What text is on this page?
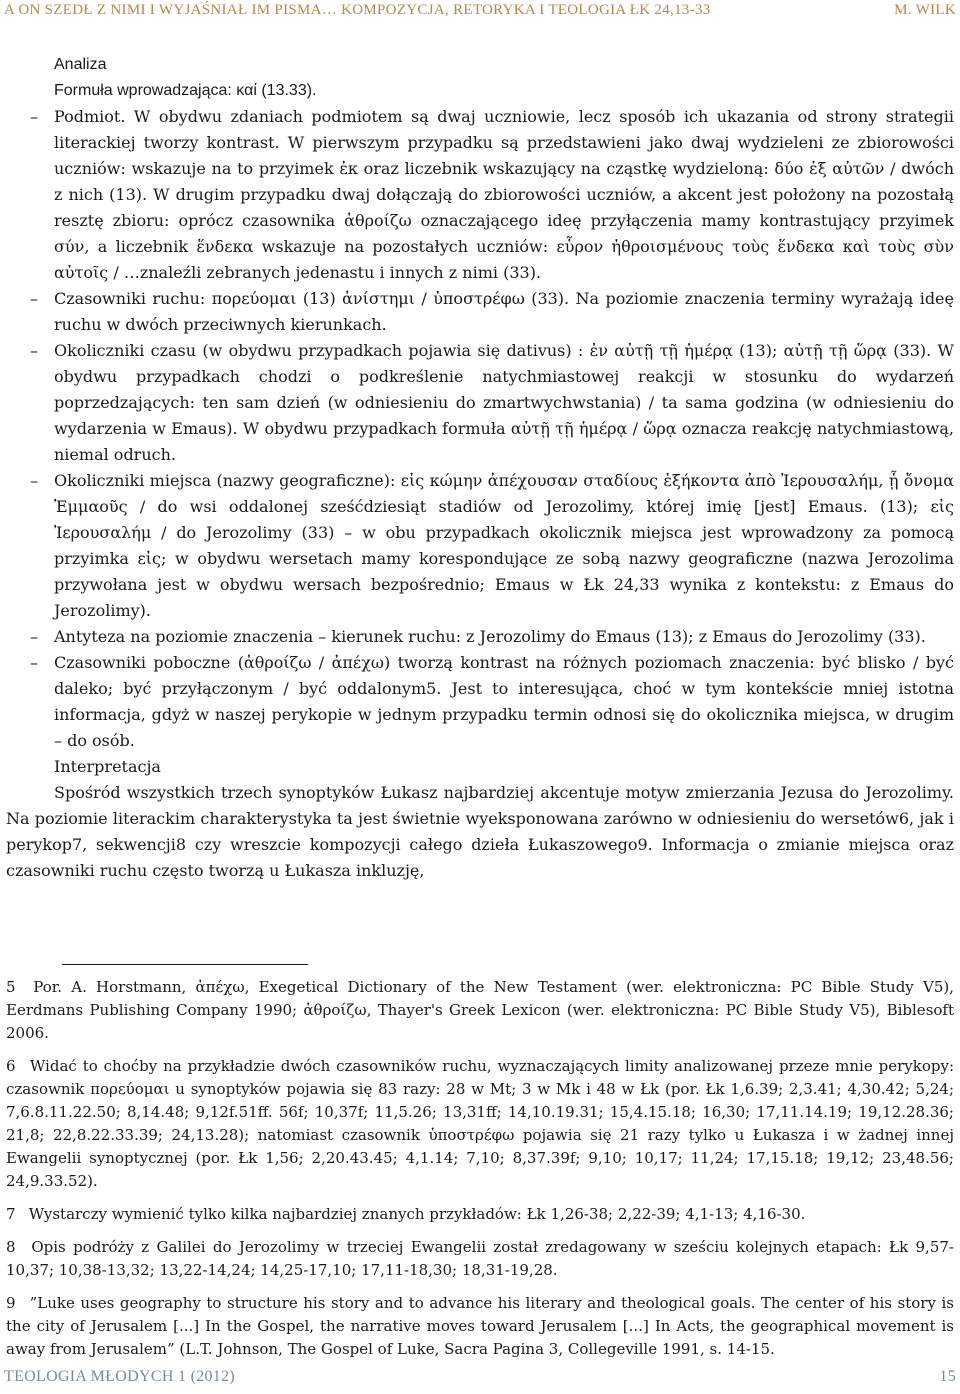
A ON SZEDŁ Z NIMI I WYJAŚNIAŁ IM PISMA… KOMPOZYCJA, RETORYKA I TEOLOGIA ŁK 24,13-33	M. WILK

Analiza

Formuła wprowadzająca: καί (13.33).

–	Podmiot. W obydwu zdaniach podmiotem są dwaj uczniowie, lecz sposób ich ukazania od strony strategii literackiej tworzy kontrast. W pierwszym przypadku są przedstawieni jako dwaj wydzieleni ze zbiorowości uczniów: wskazuje na to przyimek ἐκ oraz liczebnik wskazujący na cząstkę wydzieloną: δύο ἐξ αὐτῶν / dwóch z nich (13). W drugim przypadku dwaj dołączają do zbiorowości uczniów, a akcent jest położony na pozostałą resztę zbioru: oprócz czasownika ἀθροίζω oznaczającego ideę przyłączenia mamy kontrastujący przyimek σύν, a liczebnik ἕνδεκα wskazuje na pozostałych uczniów: εὗρον ἠθροισμένους τοὺς ἕνδεκα καὶ τοὺς σὺν αὐτοῖς / …znaleźli zebranych jedenastu i innych z nimi (33).
–	Czasowniki ruchu: πορεύομαι (13) ἀνίστημι / ὑποστρέφω (33). Na poziomie znaczenia terminy wyrażają ideę ruchu w dwóch przeciwnych kierunkach.
–	Okoliczniki czasu (w obydwu przypadkach pojawia się dativus) : ἐν αὐτῇ τῇ ἡμέρᾳ (13); αὐτῇ τῇ ὥρᾳ (33). W obydwu przypadkach chodzi o podkreślenie natychmiastowej reakcji w stosunku do wydarzeń poprzedzających: ten sam dzień (w odniesieniu do zmartwychwstania) / ta sama godzina (w odniesieniu do wydarzenia w Emaus). W obydwu przypadkach formuła αὐτῇ τῇ ἡμέρᾳ / ὥρᾳ oznacza reakcję natychmiastową, niemal odruch.
–	Okoliczniki miejsca (nazwy geograficzne): εἰς κώμην ἀπέχουσαν σταδίους ἑξήκοντα ἀπὸ Ἰερουσαλήμ, ᾗ ὄνομα Ἐμμαοῦς / do wsi oddalonej sześćdziesiąt stadiów od Jerozolimy, której imię [jest] Emaus. (13); εἰς Ἰερουσαλήμ / do Jerozolimy (33) – w obu przypadkach okolicznik miejsca jest wprowadzony za pomocą przyimka εἰς; w obydwu wersetach mamy korespondujące ze sobą nazwy geograficzne (nazwa Jerozolima przywołana jest w obydwu wersach bezpośrednio; Emaus w Łk 24,33 wynika z kontekstu: z Emaus do Jerozolimy).
–	Antyteza na poziomie znaczenia – kierunek ruchu: z Jerozolimy do Emaus (13); z Emaus do Jerozolimy (33).
–	Czasowniki poboczne (ἀθροίζω / ἀπέχω) tworzą kontrast na różnych poziomach znaczenia: być blisko / być daleko; być przyłączonym / być oddalonym5. Jest to interesująca, choć w tym kontekście mniej istotna informacja, gdyż w naszej perykopie w jednym przypadku termin odnosi się do okolicznika miejsca, w drugim – do osób.

Interpretacja

Spośród wszystkich trzech synoptyków Łukasz najbardziej akcentuje motyw zmierzania Jezusa do Jerozolimy. Na poziomie literackim charakterystyka ta jest świetnie wyeksponowana zarówno w odniesieniu do wersetów6, jak i perykop7, sekwencji8 czy wreszcie kompozycji całego dzieła Łukaszowego9. Informacja o zmianie miejsca oraz czasowniki ruchu często tworzą u Łukasza inkluzję,

5 Por. A. Horstmann, ἀπέχω, Exegetical Dictionary of the New Testament (wer. elektroniczna: PC Bible Study V5), Eerdmans Publishing Company 1990; ἀθροίζω, Thayer's Greek Lexicon (wer. elektroniczna: PC Bible Study V5), Biblesoft 2006.

6 Widać to choćby na przykładzie dwóch czasowników ruchu, wyznaczających limity analizowanej przeze mnie perykopy: czasownik πορεύομαι u synoptyków pojawia się 83 razy: 28 w Mt; 3 w Mk i 48 w Łk (por. Łk 1,6.39; 2,3.41; 4,30.42; 5,24; 7,6.8.11.22.50; 8,14.48; 9,12f.51ff. 56f; 10,37f; 11,5.26; 13,31ff; 14,10.19.31; 15,4.15.18; 16,30; 17,11.14.19; 19,12.28.36; 21,8; 22,8.22.33.39; 24,13.28); natomiast czasownik ὑποστρέφω pojawia się 21 razy tylko u Łukasza i w żadnej innej Ewangelii synoptycznej (por. Łk 1,56; 2,20.43.45; 4,1.14; 7,10; 8,37.39f; 9,10; 10,17; 11,24; 17,15.18; 19,12; 23,48.56; 24,9.33.52).

7 Wystarczy wymienić tylko kilka najbardziej znanych przykładów: Łk 1,26-38; 2,22-39; 4,1-13; 4,16-30.

8 Opis podróży z Galilei do Jerozolimy w trzeciej Ewangelii został zredagowany w sześciu kolejnych etapach: Łk 9,57-10,37; 10,38-13,32; 13,22-14,24; 14,25-17,10; 17,11-18,30; 18,31-19,28.

9 ”Luke uses geography to structure his story and to advance his literary and theological goals. The center of his story is the city of Jerusalem [...] In the Gospel, the narrative moves toward Jerusalem [...] In Acts, the geographical movement is away from Jerusalem” (L.T. Johnson, The Gospel of Luke, Sacra Pagina 3, Collegeville 1991, s. 14-15.

TEOLOGIA MŁODYCH 1 (2012)	15
